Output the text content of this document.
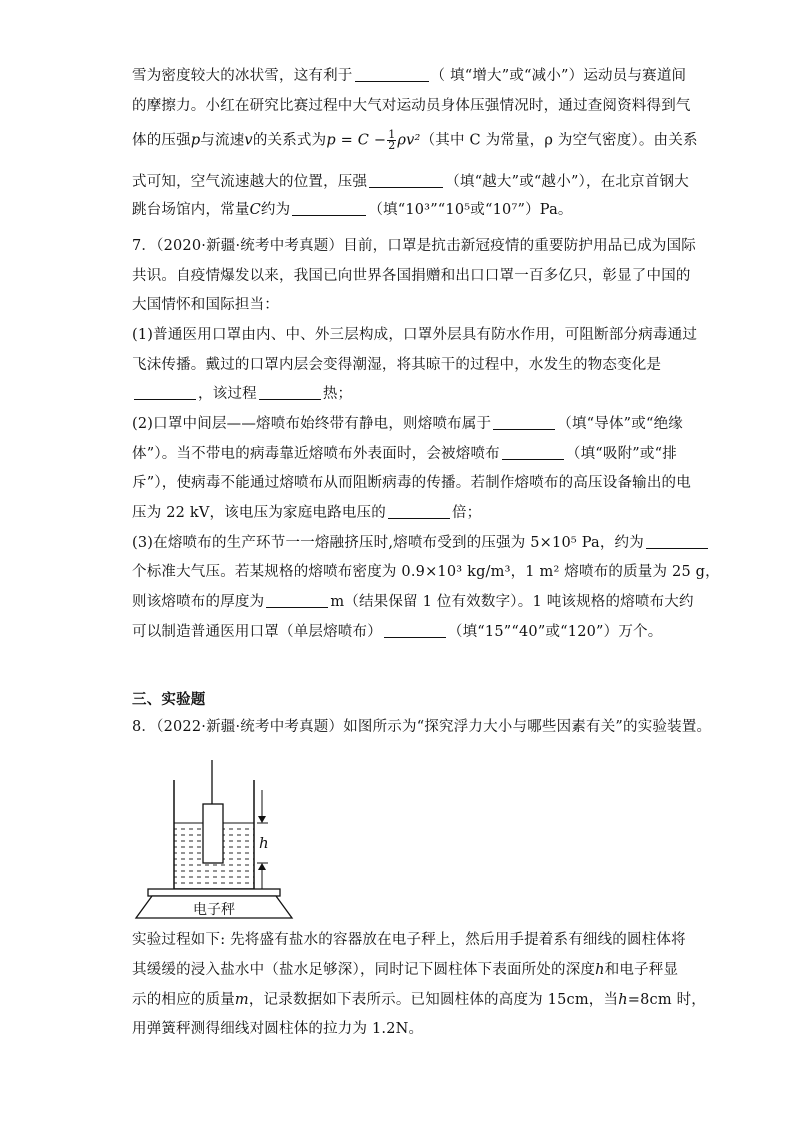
雪为密度较大的冰状雪，这有利于	（ 填“增大”或“减小”）运动员与赛道间
的摩擦力。小红在研究比赛过程中大气对运动员身体压强情况时，通过查阅资料得到气
体的压强p与流速v的关系式为$p = C - \frac{1}{2} \rho v^2$（其中 C 为常量，ρ 为空气密度）。由关系
式可知，空气流速越大的位置，压强	（填“越大”或“越小”），在北京首钢大
跳台场馆内，常量C约为	（填“10³”“10⁵或“10⁷”）Pa。
7．（2020·新疆·统考中考真题）目前，口罩是抗击新冠疫情的重要防护用品已成为国际
共识。自疫情爆发以来，我国已向世界各国捐赠和出口口罩一百多亿只，彰显了中国的
大国情怀和国际担当：
(1)普通医用口罩由内、中、外三层构成，口罩外层具有防水作用，可阻断部分病毒通过
飞沫传播。戴过的口罩内层会变得潮湿，将其晾干的过程中，水发生的物态变化是
，该过程	热；
(2)口罩中间层——熔喷布始终带有静电，则熔喷布属于	（填“导体”或“绝缘
体”）。当不带电的病毒靠近熔喷布外表面时，会被熔喷布	（填“吸附”或“排
斥”），使病毒不能通过熔喷布从而阻断病毒的传播。若制作熔喷布的高压设备输出的电
压为 22 kV，该电压为家庭电路电压的	倍；
(3)在熔喷布的生产环节一一熔融挤压时,熔喷布受到的压强为 5×10⁵ Pa，约为
个标准大气压。若某规格的熔喷布密度为 0.9×10³ kg/m³，1 m² 熔喷布的质量为 25 g，
则该熔喷布的厚度为	m（结果保留 1 位有效数字）。1 吨该规格的熔喷布大约
可以制造普通医用口罩（单层熔喷布）	（填“15”“40”或“120”）万个。
三、实验题
8．（2022·新疆·统考中考真题）如图所示为“探究浮力大小与哪些因素有关”的实验装置。
h
电子秤
实验过程如下: 先将盛有盐水的容器放在电子秤上，然后用手提着系有细线的圆柱体将
其缓缓的浸入盐水中（盐水足够深），同时记下圆柱体下表面所处的深度h和电子秤显
示的相应的质量m，记录数据如下表所示。已知圆柱体的高度为 15cm，当h=8cm 时，
用弹簧秤测得细线对圆柱体的拉力为 1.2N。
